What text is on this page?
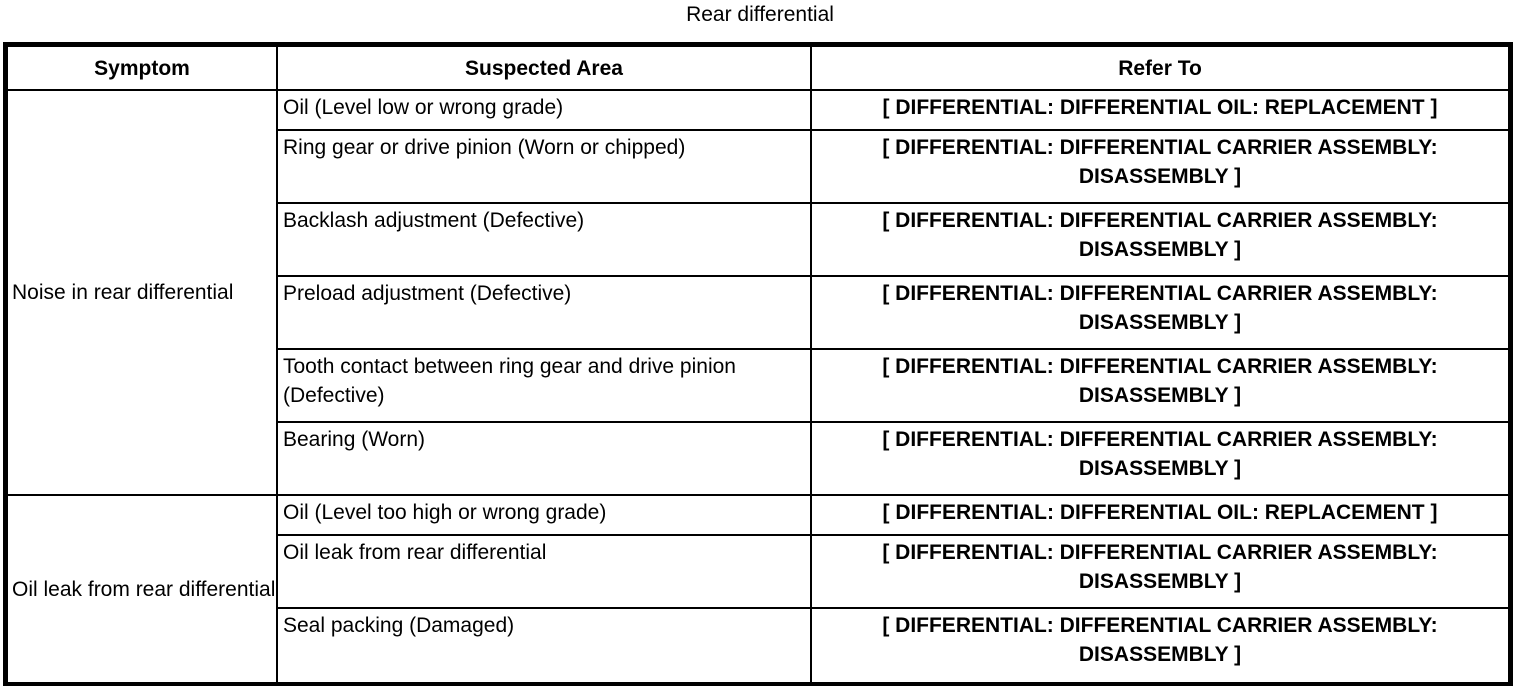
Rear differential
Symptom	Suspected Area	Refer To
Noise in rear differential	Oil (Level low or wrong grade)	[ DIFFERENTIAL: DIFFERENTIAL OIL: REPLACEMENT ]
	Ring gear or drive pinion (Worn or chipped)	[ DIFFERENTIAL: DIFFERENTIAL CARRIER ASSEMBLY: DISASSEMBLY ]
	Backlash adjustment (Defective)	[ DIFFERENTIAL: DIFFERENTIAL CARRIER ASSEMBLY: DISASSEMBLY ]
	Preload adjustment (Defective)	[ DIFFERENTIAL: DIFFERENTIAL CARRIER ASSEMBLY: DISASSEMBLY ]
	Tooth contact between ring gear and drive pinion (Defective)	[ DIFFERENTIAL: DIFFERENTIAL CARRIER ASSEMBLY: DISASSEMBLY ]
	Bearing (Worn)	[ DIFFERENTIAL: DIFFERENTIAL CARRIER ASSEMBLY: DISASSEMBLY ]
Oil leak from rear differential	Oil (Level too high or wrong grade)	[ DIFFERENTIAL: DIFFERENTIAL OIL: REPLACEMENT ]
	Oil leak from rear differential	[ DIFFERENTIAL: DIFFERENTIAL CARRIER ASSEMBLY: DISASSEMBLY ]
	Seal packing (Damaged)	[ DIFFERENTIAL: DIFFERENTIAL CARRIER ASSEMBLY: DISASSEMBLY ]
